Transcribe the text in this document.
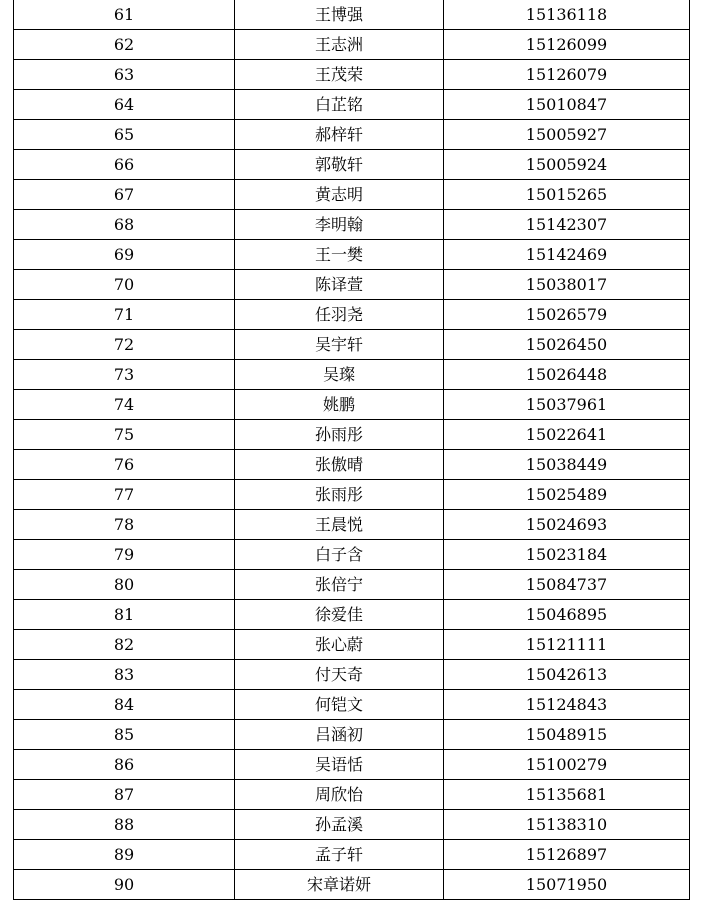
61	王博强	15136118
62	王志洲	15126099
63	王茂荣	15126079
64	白芷铭	15010847
65	郝梓轩	15005927
66	郭敬轩	15005924
67	黄志明	15015265
68	李明翰	15142307
69	王一樊	15142469
70	陈译萱	15038017
71	任羽尧	15026579
72	吴宇轩	15026450
73	吴璨	15026448
74	姚鹏	15037961
75	孙雨彤	15022641
76	张傲晴	15038449
77	张雨彤	15025489
78	王晨悦	15024693
79	白子含	15023184
80	张倍宁	15084737
81	徐爱佳	15046895
82	张心蔚	15121111
83	付天奇	15042613
84	何铠文	15124843
85	吕涵初	15048915
86	吴语恬	15100279
87	周欣怡	15135681
88	孙孟溪	15138310
89	孟子轩	15126897
90	宋章诺妍	15071950
